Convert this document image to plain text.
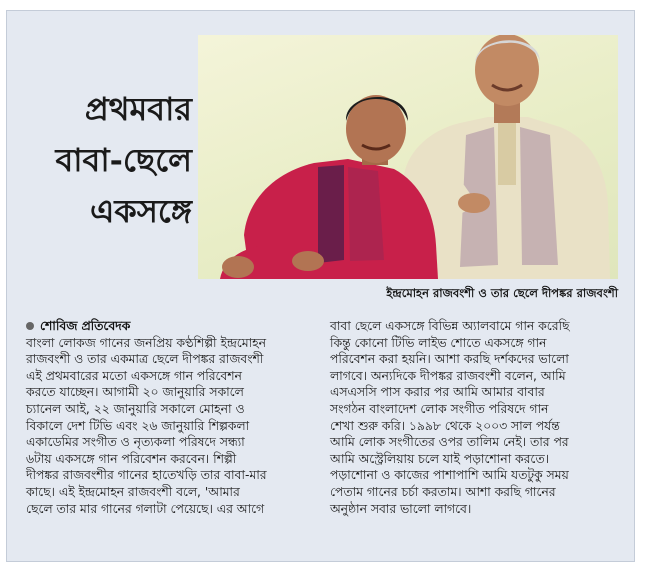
প্রথমবার
বাবা-ছেলে
একসঙ্গে
ইন্দ্রমোহন রাজবংশী ও তার ছেলে দীপঙ্কর রাজবংশী

শোবিজ প্রতিবেদক

বাংলা লোকজ গানের জনপ্রিয় কণ্ঠশিল্পী ইন্দ্রমোহন

রাজবংশী ও তার একমাত্র ছেলে দীপঙ্কর রাজবংশী

এই প্রথমবারের মতো একসঙ্গে গান পরিবেশন

করতে যাচ্ছেন। আগামী ২০ জানুয়ারি সকালে

চ্যানেল আই, ২২ জানুয়ারি সকালে মোহনা ও

বিকালে দেশ টিভি এবং ২৬ জানুয়ারি শিল্পকলা

একাডেমির সংগীত ও নৃত্যকলা পরিষদে সন্ধ্যা

৬টায় একসঙ্গে গান পরিবেশন করবেন। শিল্পী

দীপঙ্কর রাজবংশীর গানের হাতেখড়ি তার বাবা-মার

কাছে। এই ইন্দ্রমোহন রাজবংশী বলে, 'আমার

ছেলে তার মার গানের গলাটা পেয়েছে। এর আগে

বাবা ছেলে একসঙ্গে বিভিন্ন অ্যালবামে গান করেছি

কিন্তু কোনো টিভি লাইভ শোতে একসঙ্গে গান

পরিবেশন করা হয়নি। আশা করছি দর্শকদের ভালো

লাগবে। অন্যদিকে দীপঙ্কর রাজবংশী বলেন, আমি

এসএসসি পাস করার পর আমি আমার বাবার

সংগঠন বাংলাদেশ লোক সংগীত পরিষদে গান

শেখা শুরু করি। ১৯৯৮ থেকে ২০০৩ সাল পর্যন্ত

আমি লোক সংগীতের ওপর তালিম নেই। তার পর

আমি অস্ট্রেলিয়ায় চলে যাই পড়াশোনা করতে।

পড়াশোনা ও কাজের পাশাপাশি আমি যতটুকু সময়

পেতাম গানের চর্চা করতাম। আশা করছি গানের

অনুষ্ঠান সবার ভালো লাগবে।
